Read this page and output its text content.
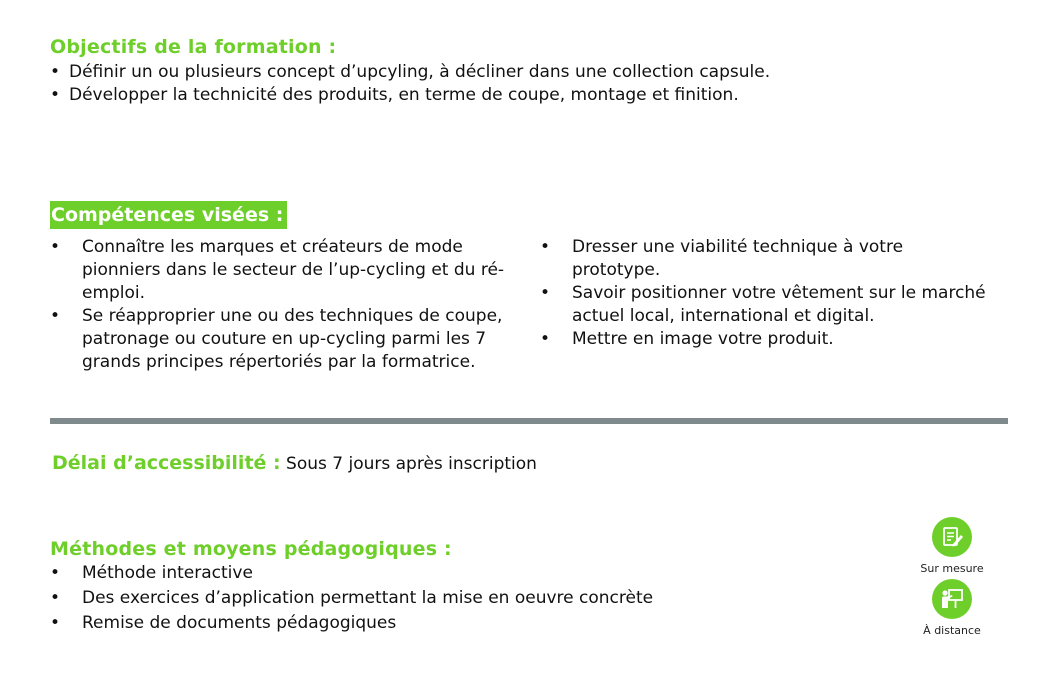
Objectifs de la formation :
• Définir un ou plusieurs concept d’upcyling, à décliner dans une collection capsule.
• Développer la technicité des produits, en terme de coupe, montage et finition.
Compétences visées :
• Connaître les marques et créateurs de mode pionniers dans le secteur de l’up-cycling et du ré-emploi.
• Se réapproprier une ou des techniques de coupe, patronage ou couture en up-cycling parmi les 7 grands principes répertoriés par la formatrice.
• Dresser une viabilité technique à votre prototype.
• Savoir positionner votre vêtement sur le marché actuel local, international et digital.
• Mettre en image votre produit.
Délai d’accessibilité : Sous 7 jours après inscription
Méthodes et moyens pédagogiques :
• Méthode interactive
• Des exercices d’application permettant la mise en oeuvre concrète
• Remise de documents pédagogiques
Sur mesure
À distance
